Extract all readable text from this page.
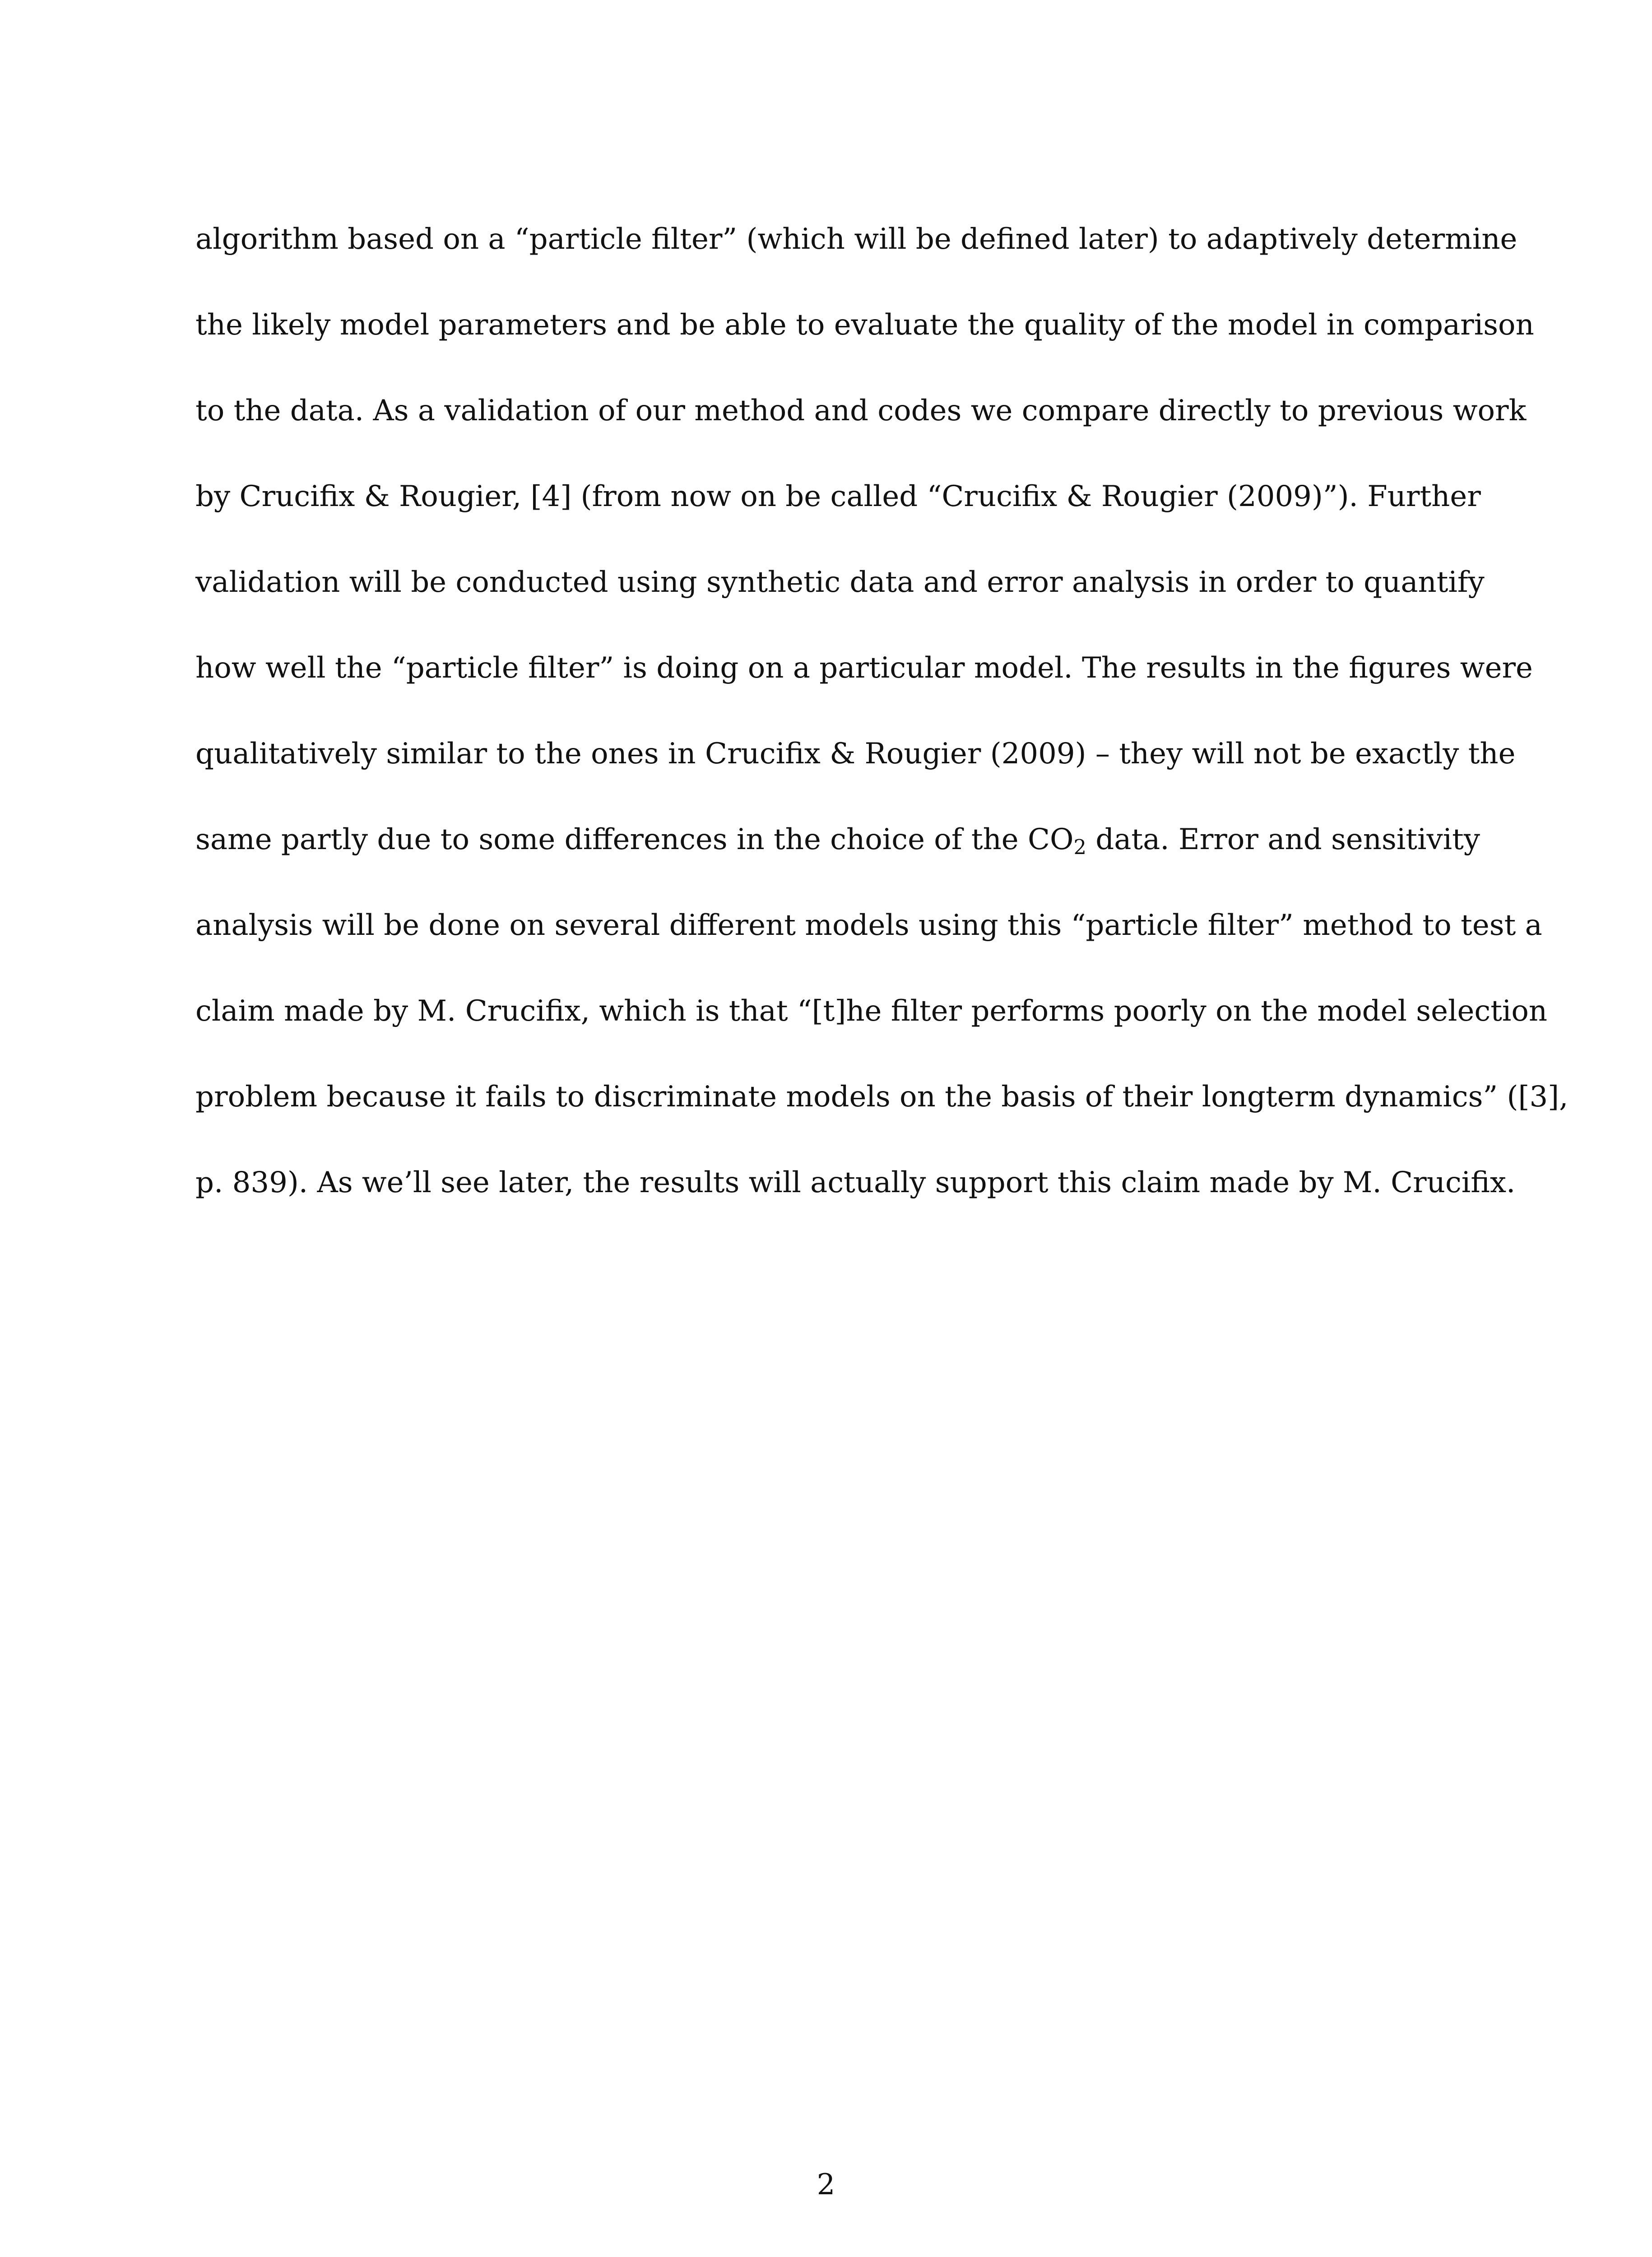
algorithm based on a “particle filter” (which will be defined later) to adaptively determine
the likely model parameters and be able to evaluate the quality of the model in comparison
to the data. As a validation of our method and codes we compare directly to previous work
by Crucifix & Rougier, [4] (from now on be called “Crucifix & Rougier (2009)”). Further
validation will be conducted using synthetic data and error analysis in order to quantify
how well the “particle filter” is doing on a particular model. The results in the figures were
qualitatively similar to the ones in Crucifix & Rougier (2009) – they will not be exactly the
same partly due to some differences in the choice of the $CO_2$ data. Error and sensitivity
analysis will be done on several different models using this “particle filter” method to test a
claim made by M. Crucifix, which is that “[t]he filter performs poorly on the model selection
problem because it fails to discriminate models on the basis of their longterm dynamics” ([3],
p. 839). As we’ll see later, the results will actually support this claim made by M. Crucifix.
2
